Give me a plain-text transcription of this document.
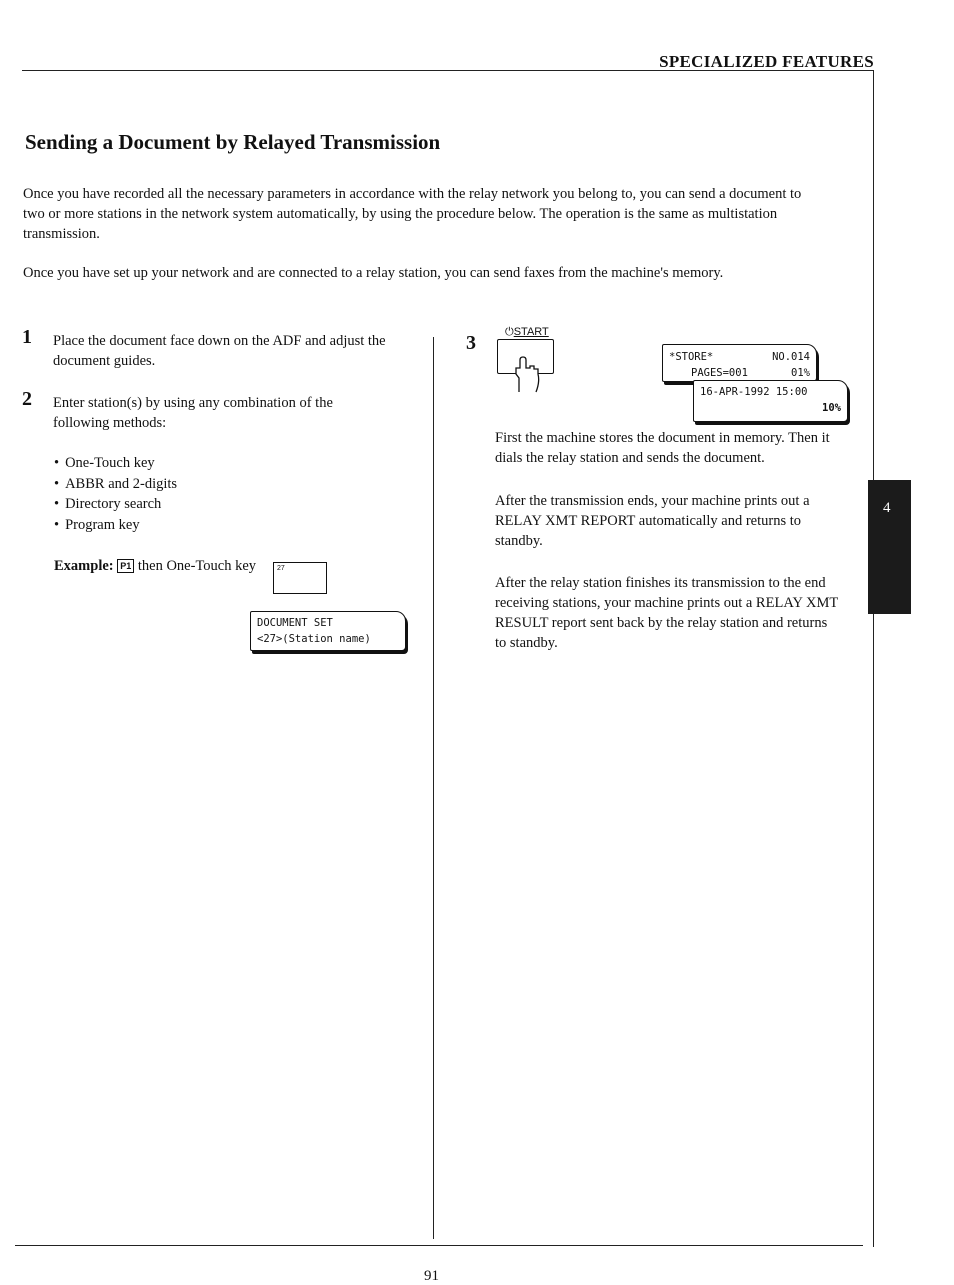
SPECIALIZED FEATURES
Sending a Document by Relayed Transmission
Once you have recorded all the necessary parameters in accordance with the relay network you belong to, you can send a document to two or more stations in the network system automatically, by using the procedure below. The operation is the same as multistation transmission.
Once you have set up your network and are connected to a relay station, you can send faxes from the machine's memory.
1 Place the document face down on the ADF and adjust the document guides.
2 Enter station(s) by using any combination of the following methods:
• One-Touch key
• ABBR and 2-digits
• Directory search
• Program key
Example: P1 then One-Touch key	27
DOCUMENT SET
<27>(Station name)
3	⏻START
*STORE*	NO.014
PAGES=001	01%
16-APR-1992 15:00
10%
First the machine stores the document in memory. Then it dials the relay station and sends the document.
After the transmission ends, your machine prints out a RELAY XMT REPORT automatically and returns to standby.
After the relay station finishes its transmission to the end receiving stations, your machine prints out a RELAY XMT RESULT report sent back by the relay station and returns to standby.
4
91
